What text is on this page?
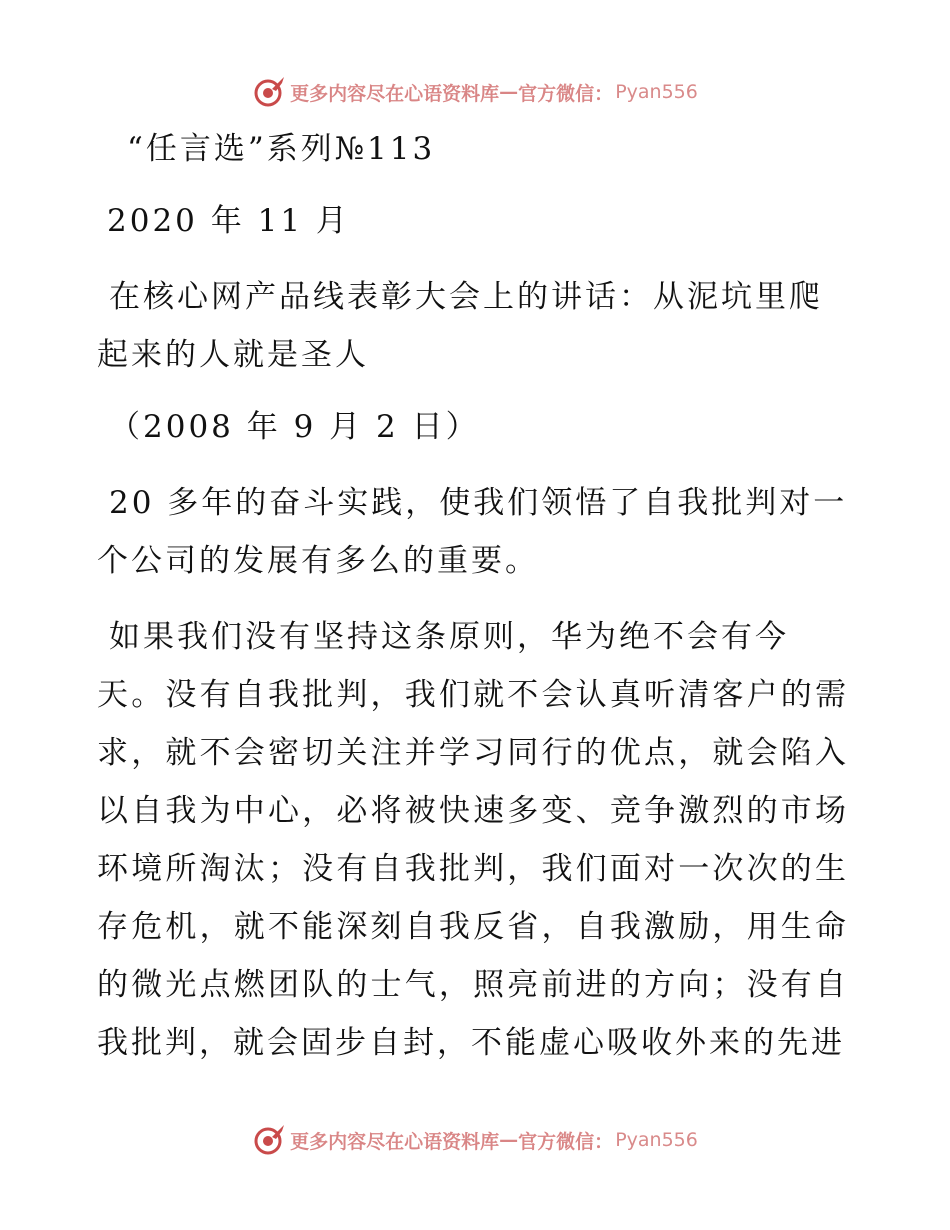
更多内容尽在心语资料库 — 官方微信： Pyan556
“任言选”系列№113
2020 年 11 月
在核心网产品线表彰大会上的讲话：从泥坑里爬
起来的人就是圣人
（2008 年 9 月 2 日）
20 多年的奋斗实践，使我们领悟了自我批判对一
个公司的发展有多么的重要。
如果我们没有坚持这条原则，华为绝不会有今
天。没有自我批判，我们就不会认真听清客户的需求，就不会密切关注并学习同行的优点，就会陷入以自我为中心，必将被快速多变、竞争激烈的市场环境所淘汰；没有自我批判，我们面对一次次的生存危机，就不能深刻自我反省，自我激励，用生命的微光点燃团队的士气，照亮前进的方向；没有自我批判，就会固步自封，不能虚心吸收外来的先进
更多内容尽在心语资料库 — 官方微信： Pyan556
